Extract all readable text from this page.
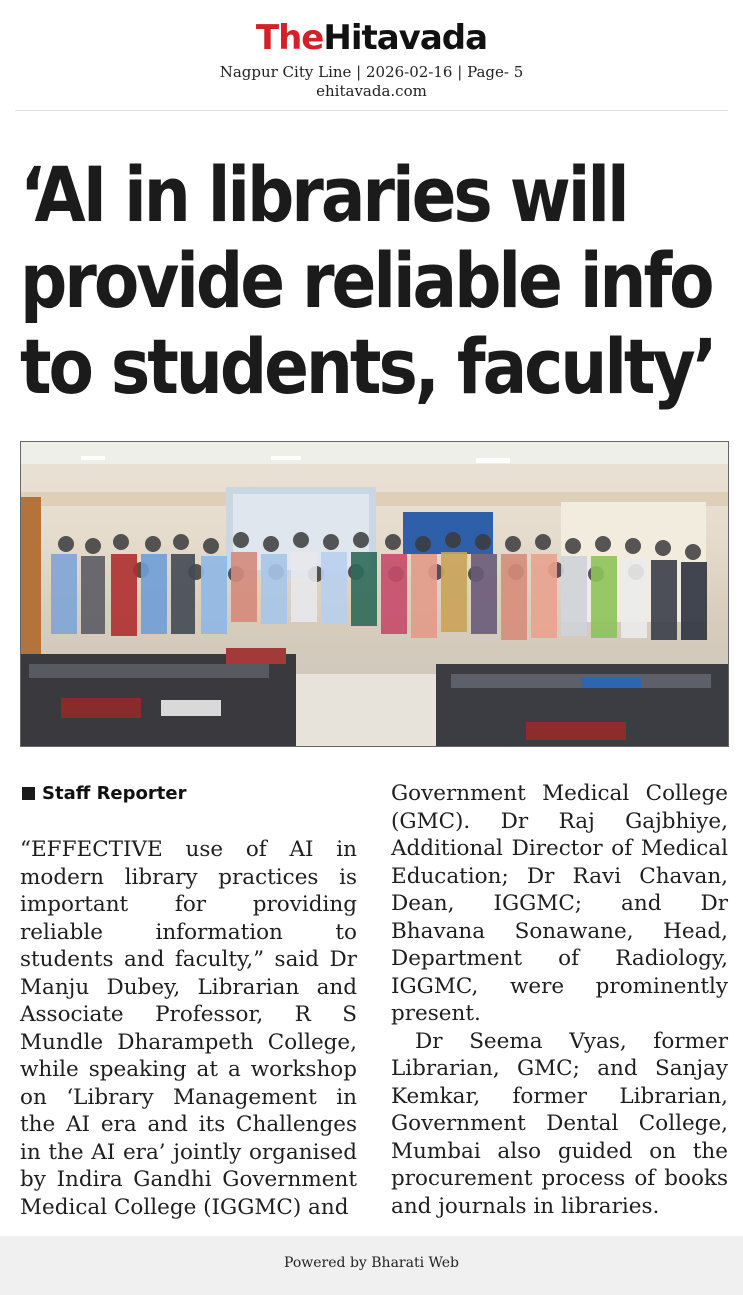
TheHitavada
Nagpur City Line | 2026-02-16 | Page- 5
ehitavada.com
‘AI in libraries will
provide reliable info
to students, faculty’
Staff Reporter

“EFFECTIVE use of AI in modern library practices is important for providing reliable information to students and faculty,” said Dr Manju Dubey, Librarian and Associate Professor, R S Mundle Dharampeth College, while speaking at a workshop on ‘Library Management in the AI era and its Challenges in the AI era’ jointly organised by Indira Gandhi Government Medical College (IGGMC) and

Government Medical College (GMC). Dr Raj Gajbhiye, Additional Director of Medical Education; Dr Ravi Chavan, Dean, IGGMC; and Dr Bhavana Sonawane, Head, Department of Radiology, IGGMC, were prominently present.

Dr Seema Vyas, former Librarian, GMC; and Sanjay Kemkar, former Librarian, Government Dental College, Mumbai also guided on the procurement process of books and journals in libraries.

Powered by Bharati Web
